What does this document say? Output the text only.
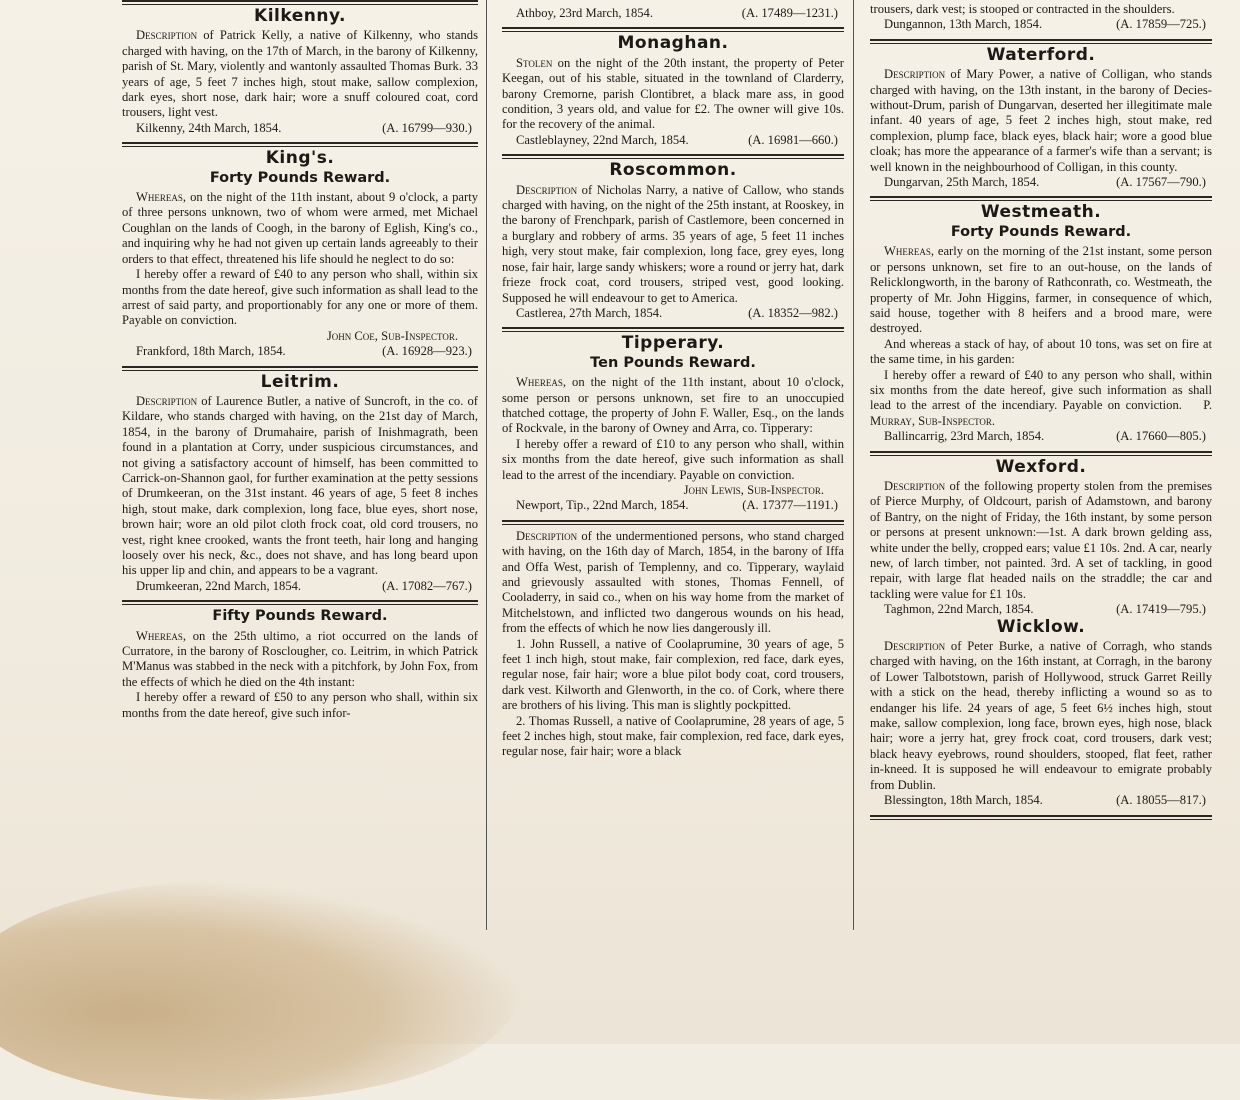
Kilkenny.

Description of Patrick Kelly, a native of Kilkenny, who stands charged with having, on the 17th of March, in the barony of Kilkenny, parish of St. Mary, violently and wantonly assaulted Thomas Burk. 33 years of age, 5 feet 7 inches high, stout make, sallow complexion, dark eyes, short nose, dark hair; wore a snuff coloured coat, cord trousers, light vest.

Kilkenny, 24th March, 1854.	(A. 16799—930.)
King's.
Forty Pounds Reward.

Whereas, on the night of the 11th instant, about 9 o'clock, a party of three persons unknown, two of whom were armed, met Michael Coughlan on the lands of Coogh, in the barony of Eglish, King's co., and inquiring why he had not given up certain lands agreeably to their orders to that effect, threatened his life should he neglect to do so:

I hereby offer a reward of £40 to any person who shall, within six months from the date hereof, give such information as shall lead to the arrest of said party, and proportionably for any one or more of them. Payable on conviction.

John Coe, Sub-Inspector.

Frankford, 18th March, 1854.	(A. 16928—923.)
Leitrim.

Description of Laurence Butler, a native of Suncroft, in the co. of Kildare, who stands charged with having, on the 21st day of March, 1854, in the barony of Drumahaire, parish of Inishmagrath, been found in a plantation at Corry, under suspicious circumstances, and not giving a satisfactory account of himself, has been committed to Carrick-on-Shannon gaol, for further examination at the petty sessions of Drumkeeran, on the 31st instant. 46 years of age, 5 feet 8 inches high, stout make, dark complexion, long face, blue eyes, short nose, brown hair; wore an old pilot cloth frock coat, old cord trousers, no vest, right knee crooked, wants the front teeth, hair long and hanging loosely over his neck, &c., does not shave, and has long beard upon his upper lip and chin, and appears to be a vagrant.

Drumkeeran, 22nd March, 1854.	(A. 17082—767.)
Fifty Pounds Reward.

Whereas, on the 25th ultimo, a riot occurred on the lands of Curratore, in the barony of Rosclougher, co. Leitrim, in which Patrick M'Manus was stabbed in the neck with a pitchfork, by John Fox, from the effects of which he died on the 4th instant:

I hereby offer a reward of £50 to any person who shall, within six months from the date hereof, give such infor-

Athboy, 23rd March, 1854.	(A. 17489—1231.)
Monaghan.

Stolen on the night of the 20th instant, the property of Peter Keegan, out of his stable, situated in the townland of Clarderry, barony Cremorne, parish Clontibret, a black mare ass, in good condition, 3 years old, and value for £2. The owner will give 10s. for the recovery of the animal.

Castleblayney, 22nd March, 1854.	(A. 16981—660.)
Roscommon.

Description of Nicholas Narry, a native of Callow, who stands charged with having, on the night of the 25th instant, at Rooskey, in the barony of Frenchpark, parish of Castlemore, been concerned in a burglary and robbery of arms. 35 years of age, 5 feet 11 inches high, very stout make, fair complexion, long face, grey eyes, long nose, fair hair, large sandy whiskers; wore a round or jerry hat, dark frieze frock coat, cord trousers, striped vest, good looking. Supposed he will endeavour to get to America.

Castlerea, 27th March, 1854.	(A. 18352—982.)
Tipperary.
Ten Pounds Reward.

Whereas, on the night of the 11th instant, about 10 o'clock, some person or persons unknown, set fire to an unoccupied thatched cottage, the property of John F. Waller, Esq., on the lands of Rockvale, in the barony of Owney and Arra, co. Tipperary:

I hereby offer a reward of £10 to any person who shall, within six months from the date hereof, give such information as shall lead to the arrest of the incendiary. Payable on conviction.

John Lewis, Sub-Inspector.

Newport, Tip., 22nd March, 1854.	(A. 17377—1191.)

Description of the undermentioned persons, who stand charged with having, on the 16th day of March, 1854, in the barony of Iffa and Offa West, parish of Templenny, and co. Tipperary, waylaid and grievously assaulted with stones, Thomas Fennell, of Cooladerry, in said co., when on his way home from the market of Mitchelstown, and inflicted two dangerous wounds on his head, from the effects of which he now lies dangerously ill.

1. John Russell, a native of Coolaprumine, 30 years of age, 5 feet 1 inch high, stout make, fair complexion, red face, dark eyes, regular nose, fair hair; wore a blue pilot body coat, cord trousers, dark vest. Kilworth and Glenworth, in the co. of Cork, where there are brothers of his living. This man is slightly pockpitted.

2. Thomas Russell, a native of Coolaprumine, 28 years of age, 5 feet 2 inches high, stout make, fair complexion, red face, dark eyes, regular nose, fair hair; wore a black

trousers, dark vest; is stooped or contracted in the shoulders.

Dungannon, 13th March, 1854.	(A. 17859—725.)
Waterford.

Description of Mary Power, a native of Colligan, who stands charged with having, on the 13th instant, in the barony of Decies-without-Drum, parish of Dungarvan, deserted her illegitimate male infant. 40 years of age, 5 feet 2 inches high, stout make, red complexion, plump face, black eyes, black hair; wore a good blue cloak; has more the appearance of a farmer's wife than a servant; is well known in the neighbourhood of Colligan, in this county.

Dungarvan, 25th March, 1854.	(A. 17567—790.)
Westmeath.
Forty Pounds Reward.

Whereas, early on the morning of the 21st instant, some person or persons unknown, set fire to an out-house, on the lands of Relicklongworth, in the barony of Rathconrath, co. Westmeath, the property of Mr. John Higgins, farmer, in consequence of which, said house, together with 8 heifers and a brood mare, were destroyed.

And whereas a stack of hay, of about 10 tons, was set on fire at the same time, in his garden:

I hereby offer a reward of £40 to any person who shall, within six months from the date hereof, give such information as shall lead to the arrest of the incendiary. Payable on conviction. P. Murray, Sub-Inspector.

Ballincarrig, 23rd March, 1854.	(A. 17660—805.)
Wexford.

Description of the following property stolen from the premises of Pierce Murphy, of Oldcourt, parish of Adamstown, and barony of Bantry, on the night of Friday, the 16th instant, by some person or persons at present unknown:—1st. A dark brown gelding ass, white under the belly, cropped ears; value £1 10s. 2nd. A car, nearly new, of larch timber, not painted. 3rd. A set of tackling, in good repair, with large flat headed nails on the straddle; the car and tackling were value for £1 10s.

Taghmon, 22nd March, 1854.	(A. 17419—795.)
Wicklow.

Description of Peter Burke, a native of Corragh, who stands charged with having, on the 16th instant, at Corragh, in the barony of Lower Talbotstown, parish of Hollywood, struck Garret Reilly with a stick on the head, thereby inflicting a wound so as to endanger his life. 24 years of age, 5 feet 6½ inches high, stout make, sallow complexion, long face, brown eyes, high nose, black hair; wore a jerry hat, grey frock coat, cord trousers, dark vest; black heavy eyebrows, round shoulders, stooped, flat feet, rather in-kneed. It is supposed he will endeavour to emigrate probably from Dublin.

Blessington, 18th March, 1854.	(A. 18055—817.)
